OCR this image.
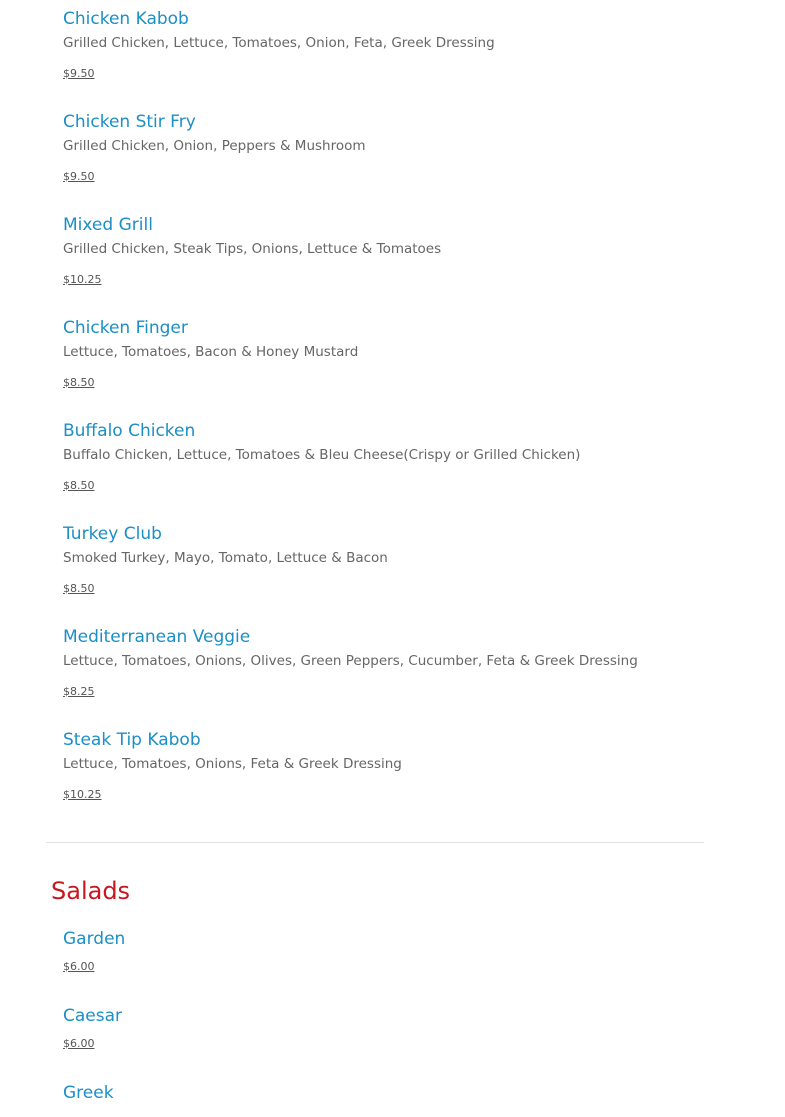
Chicken Kabob
Grilled Chicken, Lettuce, Tomatoes, Onion, Feta, Greek Dressing
$9.50
Chicken Stir Fry
Grilled Chicken, Onion, Peppers & Mushroom
$9.50
Mixed Grill
Grilled Chicken, Steak Tips, Onions, Lettuce & Tomatoes
$10.25
Chicken Finger
Lettuce, Tomatoes, Bacon & Honey Mustard
$8.50
Buffalo Chicken
Buffalo Chicken, Lettuce, Tomatoes & Bleu Cheese(Crispy or Grilled Chicken)
$8.50
Turkey Club
Smoked Turkey, Mayo, Tomato, Lettuce & Bacon
$8.50
Mediterranean Veggie
Lettuce, Tomatoes, Onions, Olives, Green Peppers, Cucumber, Feta & Greek Dressing
$8.25
Steak Tip Kabob
Lettuce, Tomatoes, Onions, Feta & Greek Dressing
$10.25
Salads
Garden
$6.00
Caesar
$6.00
Greek
